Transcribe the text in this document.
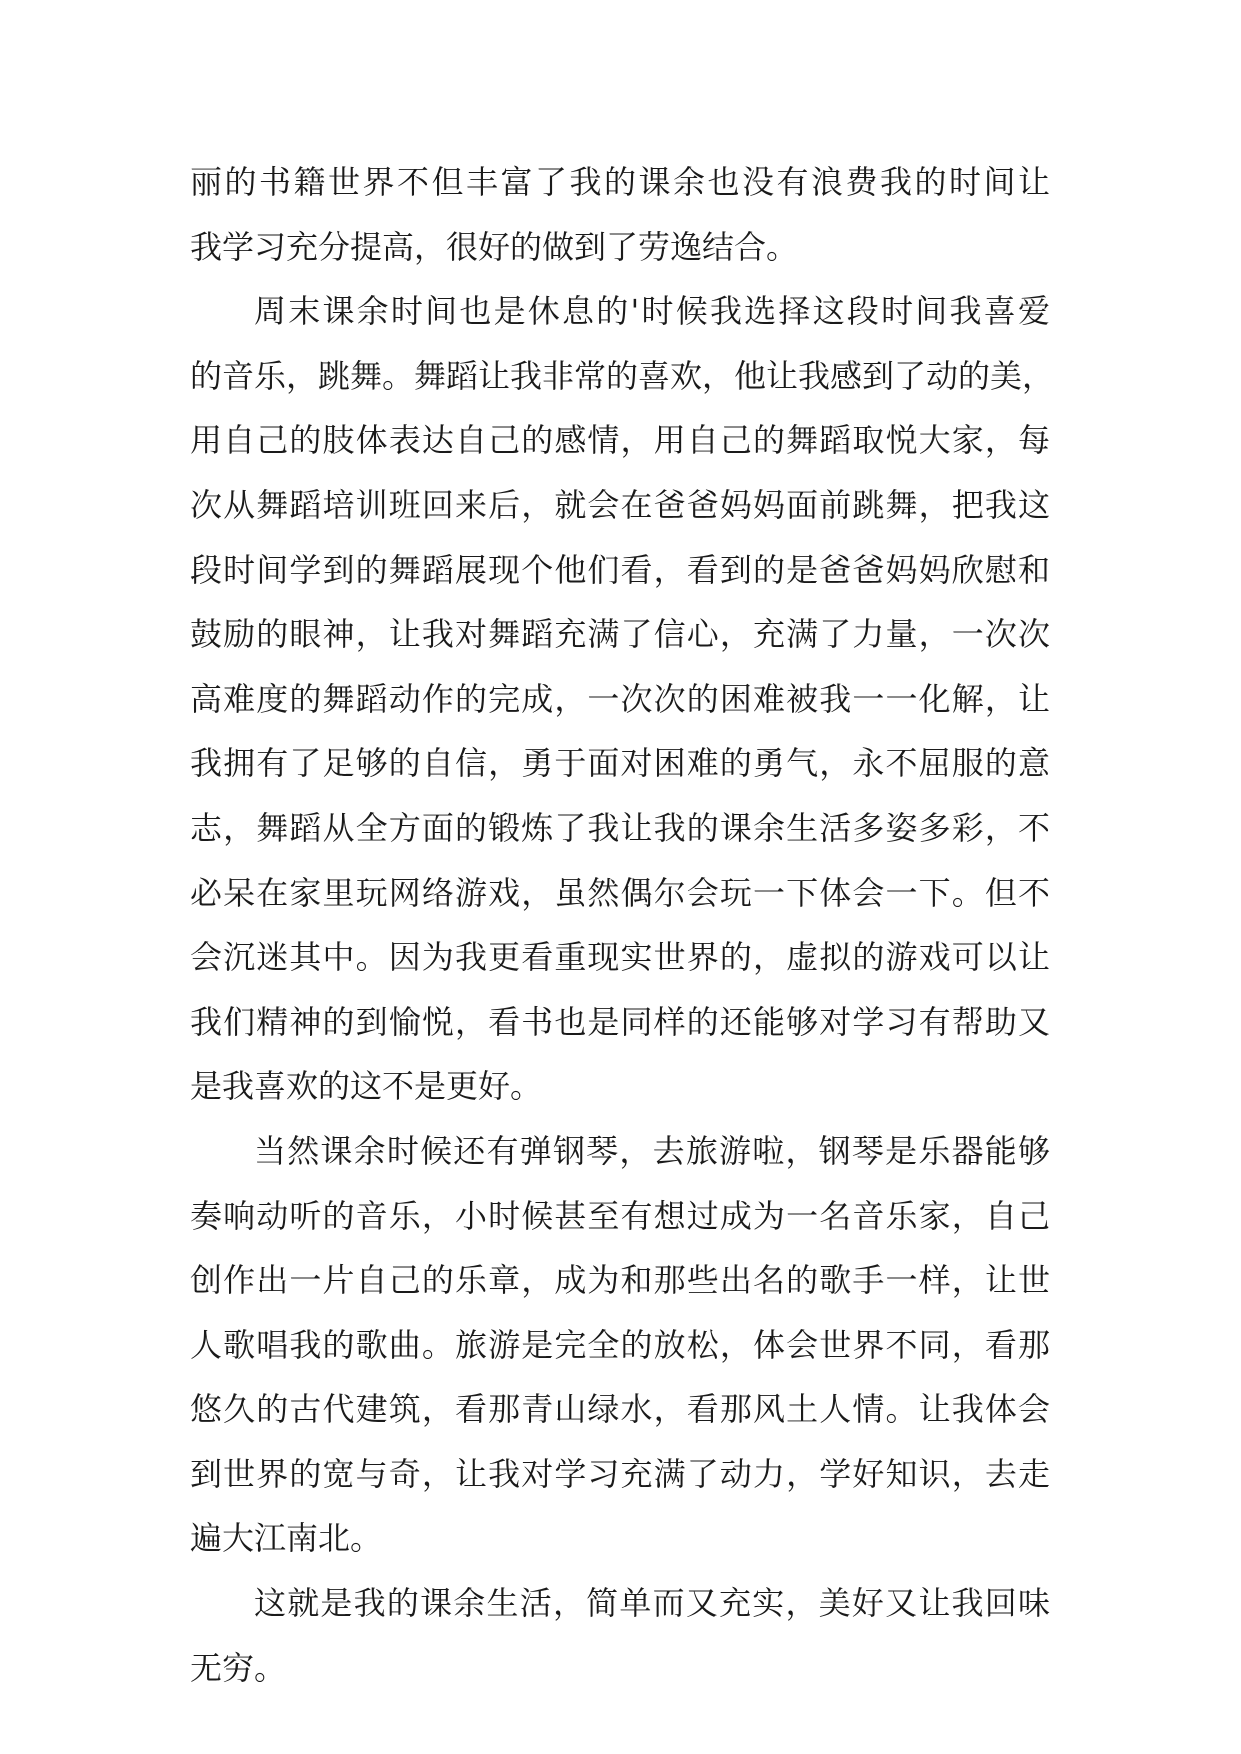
丽的书籍世界不但丰富了我的课余也没有浪费我的时间让
我学习充分提高，很好的做到了劳逸结合。
周末课余时间也是休息的'时候我选择这段时间我喜爱
的音乐，跳舞。舞蹈让我非常的喜欢，他让我感到了动的美，
用自己的肢体表达自己的感情，用自己的舞蹈取悦大家，每
次从舞蹈培训班回来后，就会在爸爸妈妈面前跳舞，把我这
段时间学到的舞蹈展现个他们看，看到的是爸爸妈妈欣慰和
鼓励的眼神，让我对舞蹈充满了信心，充满了力量，一次次
高难度的舞蹈动作的完成，一次次的困难被我一一化解，让
我拥有了足够的自信，勇于面对困难的勇气，永不屈服的意
志，舞蹈从全方面的锻炼了我让我的课余生活多姿多彩，不
必呆在家里玩网络游戏，虽然偶尔会玩一下体会一下。但不
会沉迷其中。因为我更看重现实世界的，虚拟的游戏可以让
我们精神的到愉悦，看书也是同样的还能够对学习有帮助又
是我喜欢的这不是更好。
当然课余时候还有弹钢琴，去旅游啦，钢琴是乐器能够
奏响动听的音乐，小时候甚至有想过成为一名音乐家，自己
创作出一片自己的乐章，成为和那些出名的歌手一样，让世
人歌唱我的歌曲。旅游是完全的放松，体会世界不同，看那
悠久的古代建筑，看那青山绿水，看那风土人情。让我体会
到世界的宽与奇，让我对学习充满了动力，学好知识，去走
遍大江南北。
这就是我的课余生活，简单而又充实，美好又让我回味
无穷。
